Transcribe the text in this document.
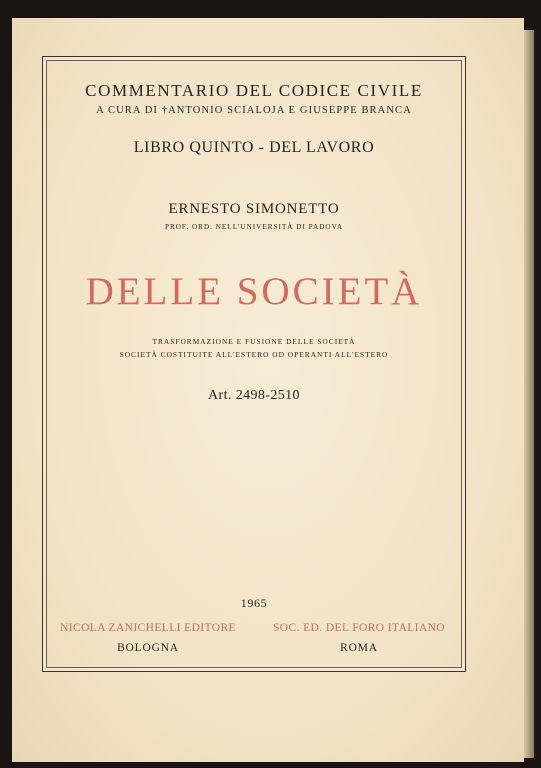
COMMENTARIO DEL CODICE CIVILE
A CURA DI †ANTONIO SCIALOJA E GIUSEPPE BRANCA
LIBRO QUINTO - DEL LAVORO
ERNESTO SIMONETTO
PROF. ORD. NELL'UNIVERSITÀ DI PADOVA
DELLE SOCIETÀ
TRASFORMAZIONE E FUSIONE DELLE SOCIETÀ
SOCIETÀ COSTITUITE ALL'ESTERO OD OPERANTI ALL'ESTERO
Art. 2498-2510
1965
NICOLA ZANICHELLI EDITORE	SOC. ED. DEL FORO ITALIANO
BOLOGNA	ROMA
